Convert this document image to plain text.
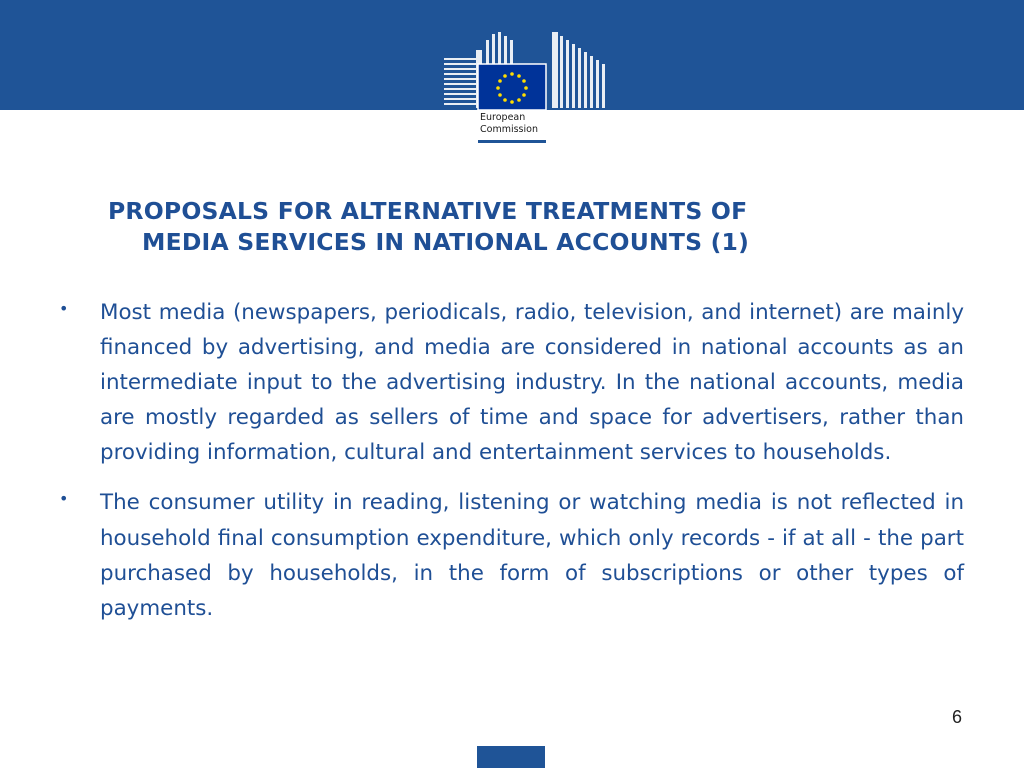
European
Commission
PROPOSALS FOR ALTERNATIVE TREATMENTS OF
MEDIA SERVICES IN NATIONAL ACCOUNTS (1)
• Most media (newspapers, periodicals, radio, television, and internet) are mainly financed by advertising, and media are considered in national accounts as an intermediate input to the advertising industry. In the national accounts, media are mostly regarded as sellers of time and space for advertisers, rather than providing information, cultural and entertainment services to households.
• The consumer utility in reading, listening or watching media is not reflected in household final consumption expenditure, which only records - if at all - the part purchased by households, in the form of subscriptions or other types of payments.
6
